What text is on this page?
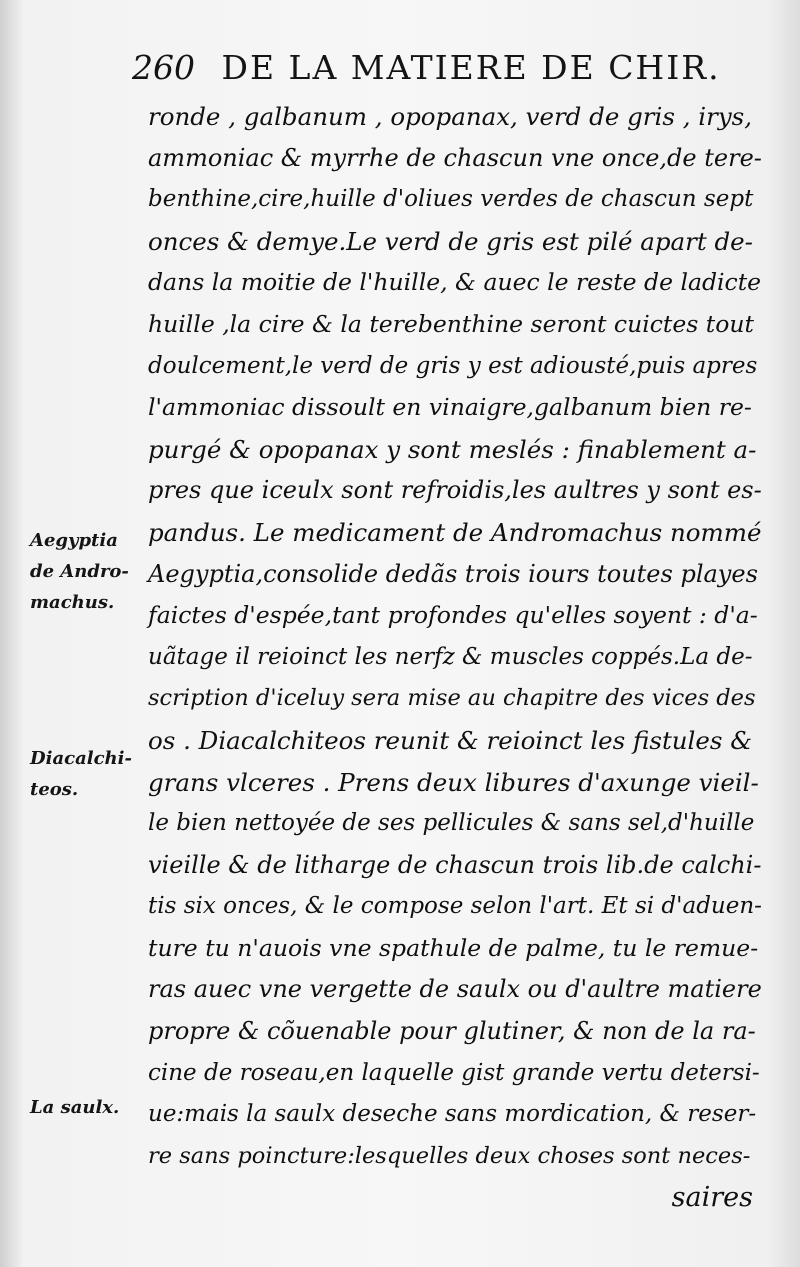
260 DE LA MATIERE DE CHIR.
Aegyptia
de Andro-
machus.
Diacalchi-
teos.
La saulx.
ronde , galbanum , opopanax, verd de gris , irys,
ammoniac & myrrhe de chascun vne once,de tere-
benthine,cire,huille d'oliues verdes de chascun sept
onces & demye.Le verd de gris est pilé apart de-
dans la moitie de l'huille, & auec le reste de ladicte
huille ,la cire & la terebenthine seront cuictes tout
doulcement,le verd de gris y est adiousté,puis apres
l'ammoniac dissoult en vinaigre,galbanum bien re-
purgé & opopanax y sont meslés : finablement a-
pres que iceulx sont refroidis,les aultres y sont es-
pandus. Le medicament de Andromachus nommé
Aegyptia,consolide dedãs trois iours toutes playes
faictes d'espée,tant profondes qu'elles soyent : d'a-
uãtage il reioinct les nerfz & muscles coppés.La de-
scription d'iceluy sera mise au chapitre des vices des
os . Diacalchiteos reunit & reioinct les fistules &
grans vlceres . Prens deux libures d'axunge vieil-
le bien nettoyée de ses pellicules & sans sel,d'huille
vieille & de litharge de chascun trois lib.de calchi-
tis six onces, & le compose selon l'art. Et si d'aduen-
ture tu n'auois vne spathule de palme, tu le remue-
ras auec vne vergette de saulx ou d'aultre matiere
propre & cõuenable pour glutiner, & non de la ra-
cine de roseau,en laquelle gist grande vertu detersi-
ue:mais la saulx deseche sans mordication, & reser-
re sans poincture:lesquelles deux choses sont neces-
saires
